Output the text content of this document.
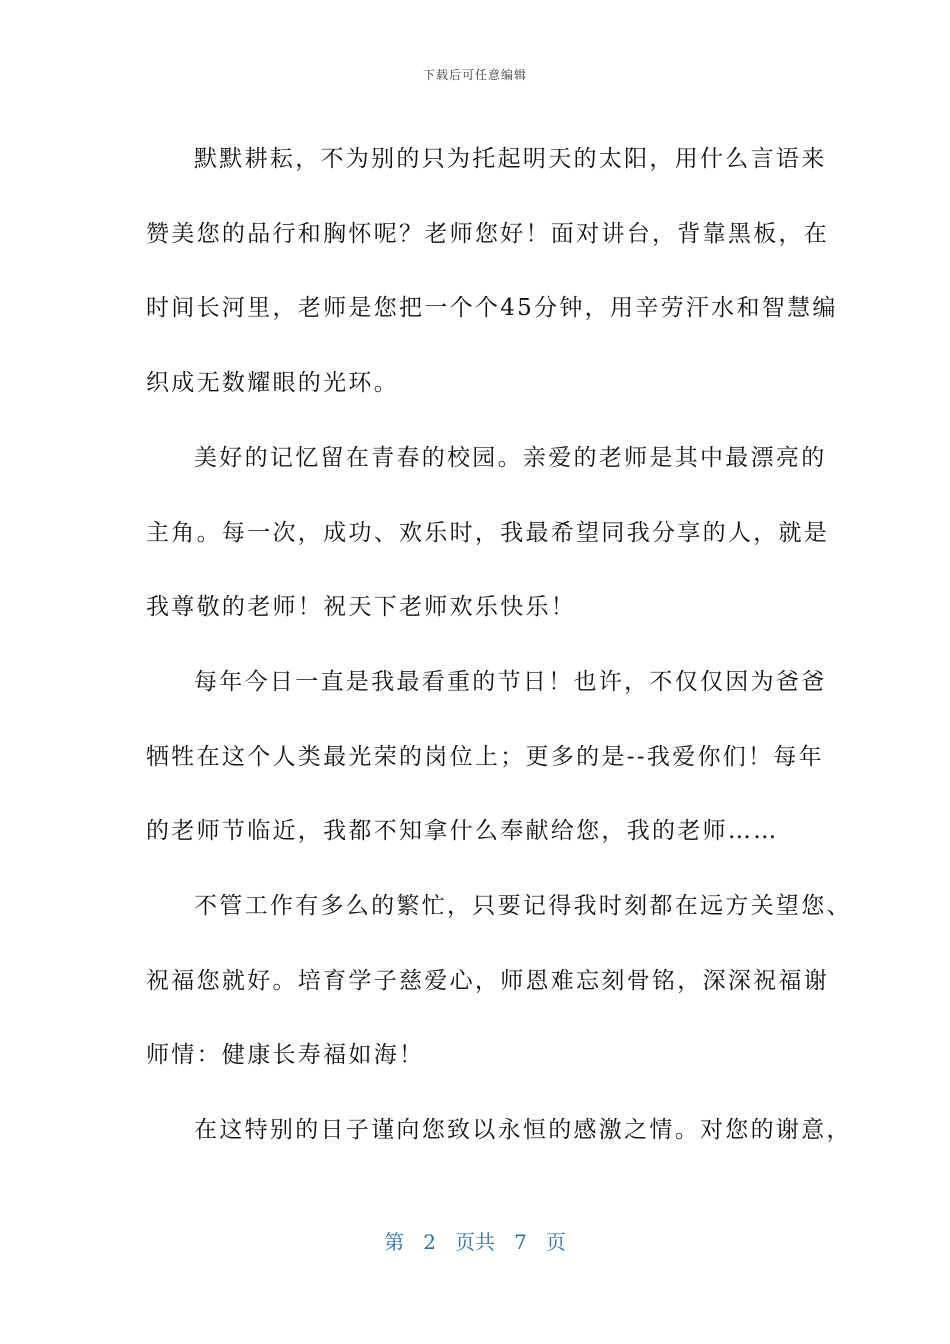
下载后可任意编辑
默默耕耘，不为别的只为托起明天的太阳，用什么言语来
赞美您的品行和胸怀呢？老师您好！面对讲台，背靠黑板，在
时间长河里，老师是您把一个个45分钟，用辛劳汗水和智慧编
织成无数耀眼的光环。
美好的记忆留在青春的校园。亲爱的老师是其中最漂亮的
主角。每一次，成功、欢乐时，我最希望同我分享的人，就是
我尊敬的老师！祝天下老师欢乐快乐！
每年今日一直是我最看重的节日！也许，不仅仅因为爸爸
牺牲在这个人类最光荣的岗位上；更多的是--我爱你们！每年
的老师节临近，我都不知拿什么奉献给您，我的老师……
不管工作有多么的繁忙，只要记得我时刻都在远方关望您、
祝福您就好。培育学子慈爱心，师恩难忘刻骨铭，深深祝福谢
师情：健康长寿福如海！
在这特别的日子谨向您致以永恒的感激之情。对您的谢意，
第 2 页共 7 页
